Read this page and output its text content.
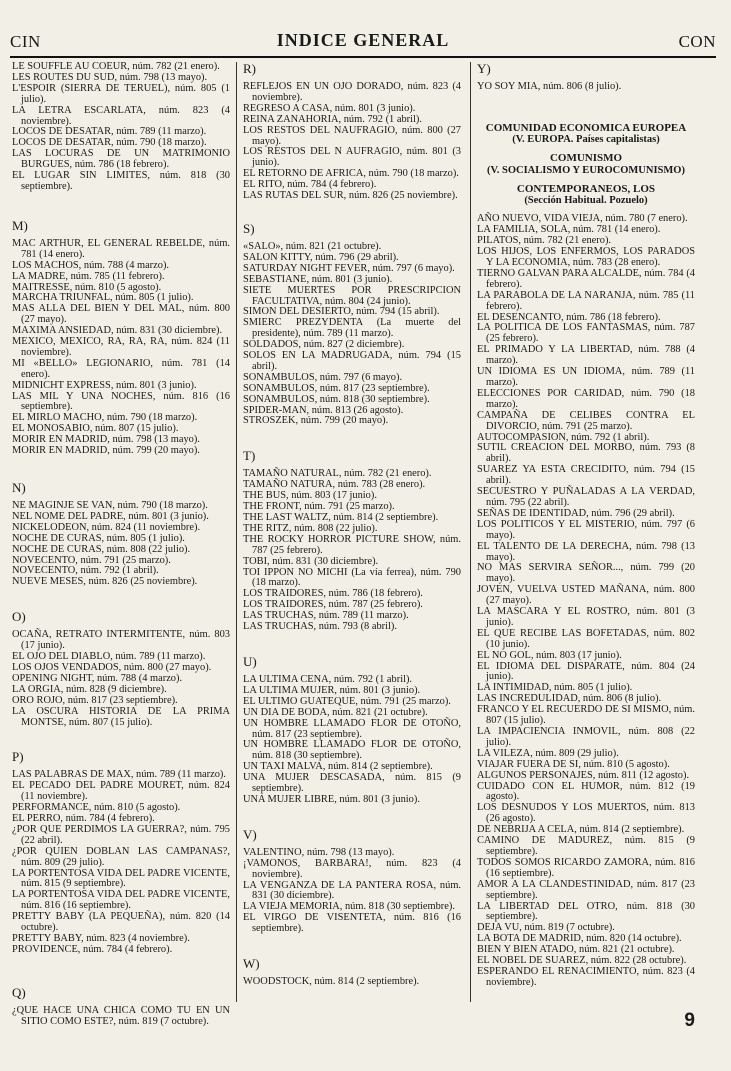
CIN	INDICE GENERAL	CON
LE SOUFFLE AU COEUR, núm. 782 (21 enero).
LES ROUTES DU SUD, núm. 798 (13 mayo).
L'ESPOIR (SIERRA DE TERUEL), núm. 805 (1 julio).
LA LETRA ESCARLATA, núm. 823 (4 noviembre).
LOCOS DE DESATAR, núm. 789 (11 marzo).
LOCOS DE DESATAR, núm. 790 (18 marzo).
LAS LOCURAS DE UN MATRIMONIO BURGUES, núm. 786 (18 febrero).
EL LUGAR SIN LIMITES, núm. 818 (30 septiembre).
M)
MAC ARTHUR, EL GENERAL REBELDE, núm. 781 (14 enero).
LOS MACHOS, núm. 788 (4 marzo).
LA MADRE, núm. 785 (11 febrero).
MAITRESSE, núm. 810 (5 agosto).
MARCHA TRIUNFAL, núm. 805 (1 julio).
MAS ALLA DEL BIEN Y DEL MAL, núm. 800 (27 mayo).
MAXIMA ANSIEDAD, núm. 831 (30 diciembre).
MEXICO, MEXICO, RA, RA, RA, núm. 824 (11 noviembre).
MI «BELLO» LEGIONARIO, núm. 781 (14 enero).
MIDNICHT EXPRESS, núm. 801 (3 junio).
LAS MIL Y UNA NOCHES, núm. 816 (16 septiembre).
EL MIRLO MACHO, núm. 790 (18 marzo).
EL MONOSABIO, núm. 807 (15 julio).
MORIR EN MADRID, núm. 798 (13 mayo).
MORIR EN MADRID, núm. 799 (20 mayo).
N)
NE MAGINJE SE VAN, núm. 790 (18 marzo).
NEL NOME DEL PADRE, núm. 801 (3 junio).
NICKELODEON, núm. 824 (11 noviembre).
NOCHE DE CURAS, núm. 805 (1 julio).
NOCHE DE CURAS, núm. 808 (22 julio).
NOVECENTO, núm. 791 (25 marzo).
NOVECENTO, núm. 792 (1 abril).
NUEVE MESES, núm. 826 (25 noviembre).
O)
OCAÑA, RETRATO INTERMITENTE, núm. 803 (17 junio).
EL OJO DEL DIABLO, núm. 789 (11 marzo).
LOS OJOS VENDADOS, núm. 800 (27 mayo).
OPENING NIGHT, núm. 788 (4 marzo).
LA ORGIA, núm. 828 (9 diciembre).
ORO ROJO, núm. 817 (23 septiembre).
LA OSCURA HISTORIA DE LA PRIMA MONTSE, núm. 807 (15 julio).
P)
LAS PALABRAS DE MAX, núm. 789 (11 marzo).
EL PECADO DEL PADRE MOURET, núm. 824 (11 noviembre).
PERFORMANCE, núm. 810 (5 agosto).
EL PERRO, núm. 784 (4 febrero).
¿POR QUE PERDIMOS LA GUERRA?, núm. 795 (22 abril).
¿POR QUIEN DOBLAN LAS CAMPANAS?, núm. 809 (29 julio).
LA PORTENTOSA VIDA DEL PADRE VICENTE, núm. 815 (9 septiembre).
LA PORTENTOSA VIDA DEL PADRE VICENTE, núm. 816 (16 septiembre).
PRETTY BABY (LA PEQUEÑA), núm. 820 (14 octubre).
PRETTY BABY, núm. 823 (4 noviembre).
PROVIDENCE, núm. 784 (4 febrero).
Q)
¿QUE HACE UNA CHICA COMO TU EN UN SITIO COMO ESTE?, núm. 819 (7 octubre).
R)
REFLEJOS EN UN OJO DORADO, núm. 823 (4 noviembre).
REGRESO A CASA, núm. 801 (3 junio).
REINA ZANAHORIA, núm. 792 (1 abril).
LOS RESTOS DEL NAUFRAGIO, núm. 800 (27 mayo).
LOS RESTOS DEL N AUFRAGIO, núm. 801 (3 junio).
EL RETORNO DE AFRICA, núm. 790 (18 marzo).
EL RITO, núm. 784 (4 febrero).
LAS RUTAS DEL SUR, núm. 826 (25 noviembre).
S)
«SALO», núm. 821 (21 octubre).
SALON KITTY, núm. 796 (29 abril).
SATURDAY NIGHT FEVER, núm. 797 (6 mayo).
SEBASTIANE, núm. 801 (3 junio).
SIETE MUERTES POR PRESCRIPCION FACULTATIVA, núm. 804 (24 junio).
SIMON DEL DESIERTO, núm. 794 (15 abril).
SMIERC PREZYDENTA (La muerte del presidente), núm. 789 (11 marzo).
SOLDADOS, núm. 827 (2 diciembre).
SOLOS EN LA MADRUGADA, núm. 794 (15 abril).
SONAMBULOS, núm. 797 (6 mayo).
SONAMBULOS, núm. 817 (23 septiembre).
SONAMBULOS, núm. 818 (30 septiembre).
SPIDER-MAN, núm. 813 (26 agosto).
STROSZEK, núm. 799 (20 mayo).
T)
TAMAÑO NATURAL, núm. 782 (21 enero).
TAMAÑO NATURA, núm. 783 (28 enero).
THE BUS, núm. 803 (17 junio).
THE FRONT, núm. 791 (25 marzo).
THE LAST WALTZ, núm. 814 (2 septiembre).
THE RITZ, núm. 808 (22 julio).
THE ROCKY HORROR PICTURE SHOW, núm. 787 (25 febrero).
TOBI, núm. 831 (30 diciembre).
TOI IPPON NO MICHI (La vía ferrea), núm. 790 (18 marzo).
LOS TRAIDORES, núm. 786 (18 febrero).
LOS TRAIDORES, núm. 787 (25 febrero).
LAS TRUCHAS, núm. 789 (11 marzo).
LAS TRUCHAS, núm. 793 (8 abril).
U)
LA ULTIMA CENA, núm. 792 (1 abril).
LA ULTIMA MUJER, núm. 801 (3 junio).
EL ULTIMO GUATEQUE, núm. 791 (25 marzo).
UN DIA DE BODA, núm. 821 (21 octubre).
UN HOMBRE LLAMADO FLOR DE OTOÑO, núm. 817 (23 septiembre).
UN HOMBRE LLAMADO FLOR DE OTOÑO, núm. 818 (30 septiembre).
UN TAXI MALVA, núm. 814 (2 septiembre).
UNA MUJER DESCASADA, núm. 815 (9 septiembre).
UNA MUJER LIBRE, núm. 801 (3 junio).
V)
VALENTINO, núm. 798 (13 mayo).
¡VAMONOS, BARBARA!, núm. 823 (4 noviembre).
LA VENGANZA DE LA PANTERA ROSA, núm. 831 (30 diciembre).
LA VIEJA MEMORIA, núm. 818 (30 septiembre).
EL VIRGO DE VISENTETA, núm. 816 (16 septiembre).
W)
WOODSTOCK, núm. 814 (2 septiembre).
Y)
YO SOY MIA, núm. 806 (8 julio).
COMUNIDAD ECONOMICA EUROPEA
(V. EUROPA. Países capitalistas)
COMUNISMO
(V. SOCIALISMO Y EUROCOMUNISMO)
CONTEMPORANEOS, LOS
(Sección Habitual. Pozuelo)
AÑO NUEVO, VIDA VIEJA, núm. 780 (7 enero).
LA FAMILIA, SOLA, núm. 781 (14 enero).
PILATOS, núm. 782 (21 enero).
LOS HIJOS, LOS ENFERMOS, LOS PARADOS Y LA ECONOMIA, núm. 783 (28 enero).
TIERNO GALVAN PARA ALCALDE, núm. 784 (4 febrero).
LA PARABOLA DE LA NARANJA, núm. 785 (11 febrero).
EL DESENCANTO, núm. 786 (18 febrero).
LA POLITICA DE LOS FANTASMAS, núm. 787 (25 febrero).
EL PRIMADO Y LA LIBERTAD, núm. 788 (4 marzo).
UN IDIOMA ES UN IDIOMA, núm. 789 (11 marzo).
ELECCIONES POR CARIDAD, núm. 790 (18 marzo).
CAMPAÑA DE CELIBES CONTRA EL DIVORCIO, núm. 791 (25 marzo).
AUTOCOMPASION, núm. 792 (1 abril).
SUTIL CREACION DEL MORBO, núm. 793 (8 abril).
SUAREZ YA ESTA CRECIDITO, núm. 794 (15 abril).
SECUESTRO Y PUÑALADAS A LA VERDAD, núm. 795 (22 abril).
SEÑAS DE IDENTIDAD, núm. 796 (29 abril).
LOS POLITICOS Y EL MISTERIO, núm. 797 (6 mayo).
EL TALENTO DE LA DERECHA, núm. 798 (13 mayo).
NO MAS SERVIRA SEÑOR..., núm. 799 (20 mayo).
JOVEN, VUELVA USTED MAÑANA, núm. 800 (27 mayo).
LA MASCARA Y EL ROSTRO, núm. 801 (3 junio).
EL QUE RECIBE LAS BOFETADAS, núm. 802 (10 junio).
EL NO GOL, núm. 803 (17 junio).
EL IDIOMA DEL DISPARATE, núm. 804 (24 junio).
LA INTIMIDAD, núm. 805 (1 julio).
LAS INCREDULIDAD, núm. 806 (8 julio).
FRANCO Y EL RECUERDO DE SI MISMO, núm. 807 (15 julio).
LA IMPACIENCIA INMOVIL, núm. 808 (22 julio).
LA VILEZA, núm. 809 (29 julio).
VIAJAR FUERA DE SI, núm. 810 (5 agosto).
ALGUNOS PERSONAJES, núm. 811 (12 agosto).
CUIDADO CON EL HUMOR, núm. 812 (19 agosto).
LOS DESNUDOS Y LOS MUERTOS, núm. 813 (26 agosto).
DE NEBRIJA A CELA, núm. 814 (2 septiembre).
CAMINO DE MADUREZ, núm. 815 (9 septiembre).
TODOS SOMOS RICARDO ZAMORA, núm. 816 (16 septiembre).
AMOR A LA CLANDESTINIDAD, núm. 817 (23 septiembre).
LA LIBERTAD DEL OTRO, núm. 818 (30 septiembre).
DEJA VU, núm. 819 (7 octubre).
LA BOTA DE MADRID, núm. 820 (14 octubre).
BIEN Y BIEN ATADO, núm. 821 (21 octubre).
EL NOBEL DE SUAREZ, núm. 822 (28 octubre).
ESPERANDO EL RENACIMIENTO, núm. 823 (4 noviembre).
9
